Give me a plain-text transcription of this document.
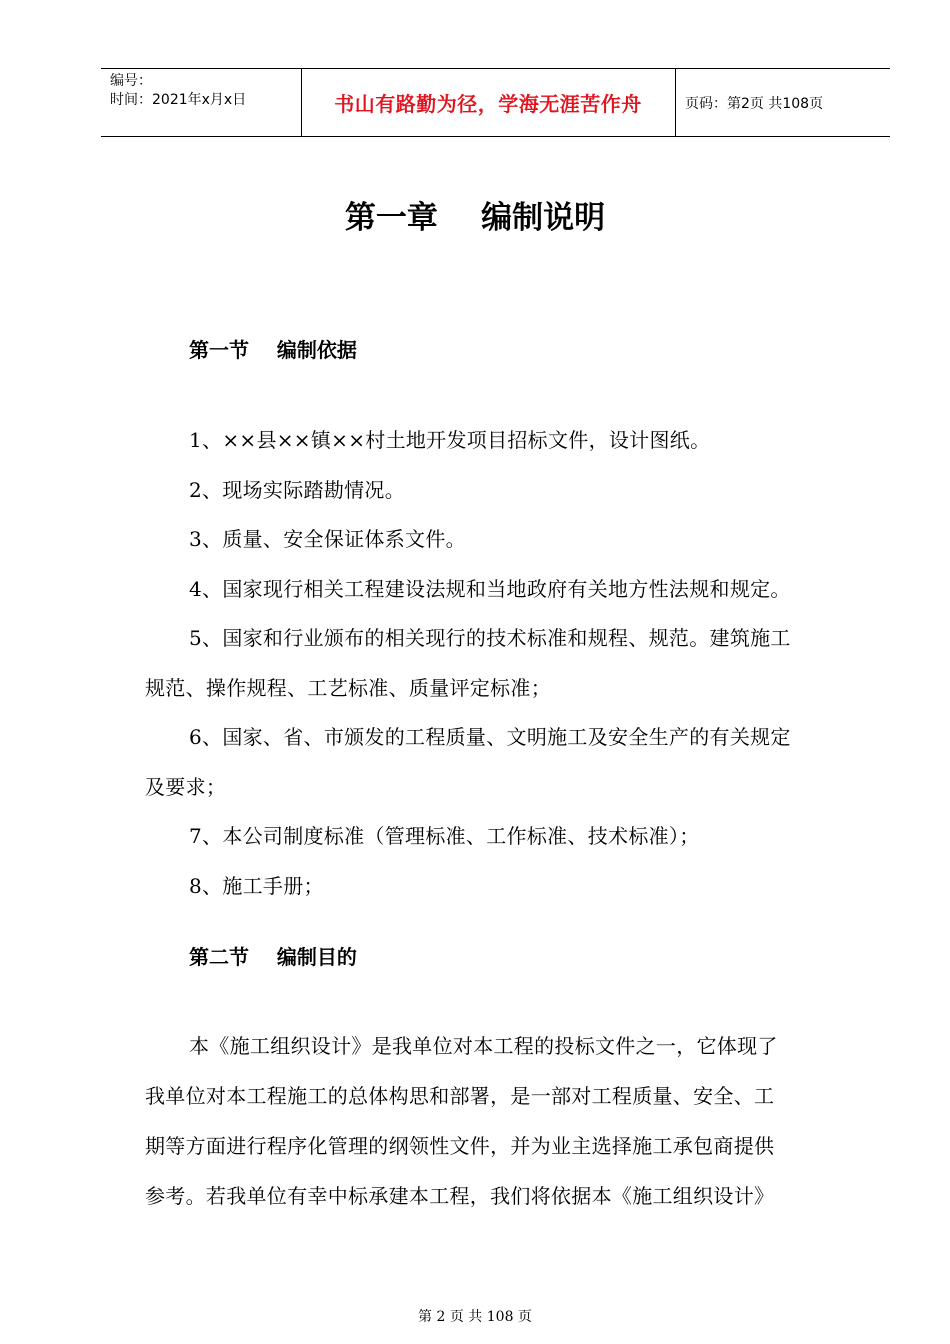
编号：
时间：2021年x月x日	书山有路勤为径，学海无涯苦作舟	页码：第2页 共108页
第一章    编制说明
第一节    编制依据
1、××县××镇××村土地开发项目招标文件，设计图纸。
2、现场实际踏勘情况。
3、质量、安全保证体系文件。
4、国家现行相关工程建设法规和当地政府有关地方性法规和规定。
5、国家和行业颁布的相关现行的技术标准和规程、规范。建筑施工
规范、操作规程、工艺标准、质量评定标准；
6、国家、省、市颁发的工程质量、文明施工及安全生产的有关规定
及要求；
7、本公司制度标准（管理标准、工作标准、技术标准）；
8、施工手册；
第二节    编制目的
本《施工组织设计》是我单位对本工程的投标文件之一，它体现了
我单位对本工程施工的总体构思和部署，是一部对工程质量、安全、工
期等方面进行程序化管理的纲领性文件，并为业主选择施工承包商提供
参考。若我单位有幸中标承建本工程，我们将依据本《施工组织设计》
第 2 页 共 108 页
